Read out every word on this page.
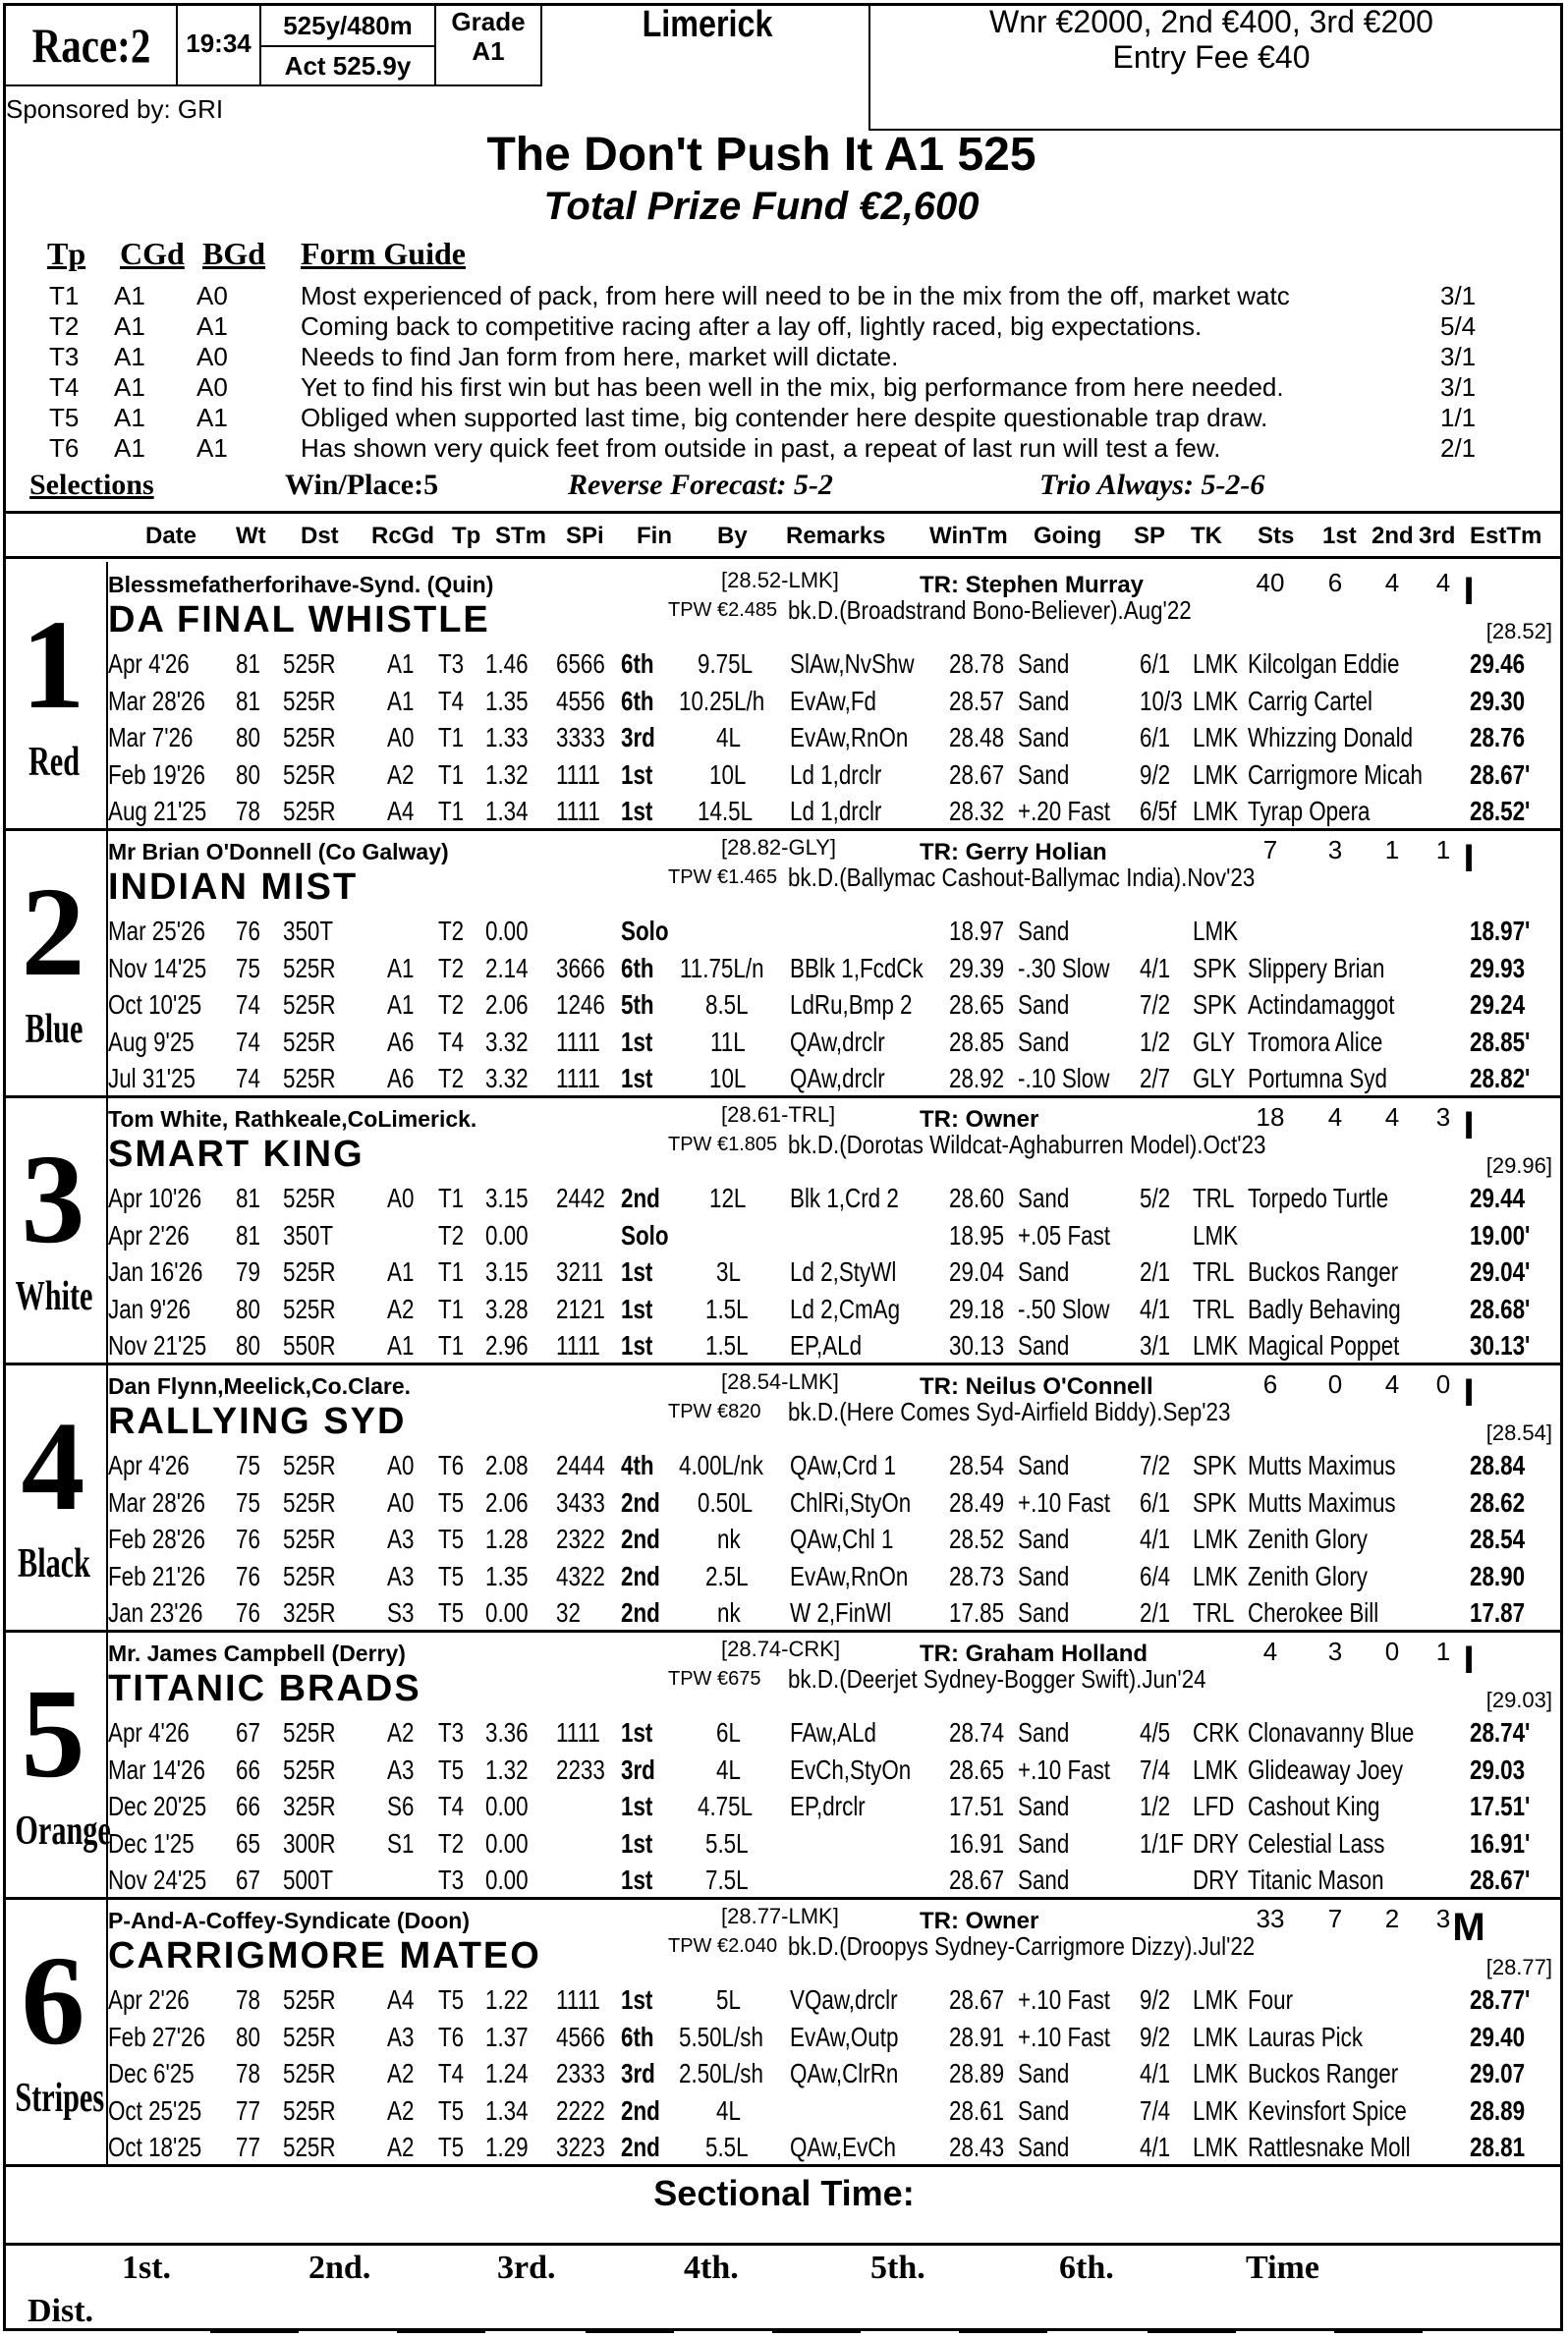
Race:2	19:34
525y/480m
Act 525.9y
Grade
A1
Limerick	Wnr €2000, 2nd €400, 3rd €200
Entry Fee €40
Sponsored by: GRI
The Don't Push It A1 525
Total Prize Fund €2,600
Tp CGd BGd Form Guide
T1 A1 A0	Most experienced of pack, from here will need to be in the mix from the off, market watc	3/1
T2 A1 A1	Coming back to competitive racing after a lay off, lightly raced, big expectations.	5/4
T3 A1 A0	Needs to find Jan form from here, market will dictate.	3/1
T4 A1 A0	Yet to find his first win but has been well in the mix, big performance from here needed.	3/1
T5 A1 A1	Obliged when supported last time, big contender here despite questionable trap draw.	1/1
T6 A1 A1	Has shown very quick feet from outside in past, a repeat of last run will test a few.	2/1
Selections	Win/Place:5	Reverse Forecast: 5-2	Trio Always: 5-2-6
Date Wt Dst RcGd Tp STm SPi Fin By Remarks WinTm Going SP TK Sts 1st 2nd 3rd EstTm
1
Red
Blessmefatherforihave-Synd. (Quin)	[28.52-LMK]	TR: Stephen Murray	40	6	4	4 I
DA FINAL WHISTLE	TPW €2.485 bk.D.(Broadstrand Bono-Believer).Aug'22
[28.52]
Apr 4'26	81 525R	A1 T3 1.46	6566 6th	9.75L	SlAw,NvShw	28.78 Sand	6/1 LMK Kilcolgan Eddie	29.46
Mar 28'26	81 525R	A1 T4 1.35	4556 6th 10.25L/h EvAw,Fd	28.57 Sand	10/3 LMK Carrig Cartel	29.30
Mar 7'26	80 525R	A0 T1 1.33	3333 3rd	4L	EvAw,RnOn	28.48 Sand	6/1 LMK Whizzing Donald	28.76
Feb 19'26	80 525R	A2 T1 1.32	1111 1st	10L	Ld 1,drclr	28.67 Sand	9/2 LMK Carrigmore Micah	28.67'
Aug 21'25	78 525R	A4 T1 1.34	1111 1st	14.5L	Ld 1,drclr	28.32 +.20 Fast	6/5f LMK Tyrap Opera	28.52'
2
Blue
Mr Brian O'Donnell (Co Galway)	[28.82-GLY]	TR: Gerry Holian	7	3	1	1 I
INDIAN MIST	TPW €1.465 bk.D.(Ballymac Cashout-Ballymac India).Nov'23
Mar 25'26	76 350T	T2 0.00	Solo	18.97 Sand	LMK	18.97'
Nov 14'25	75 525R	A1 T2 2.14	3666 6th 11.75L/n BBlk 1,FcdCk 29.39 -.30 Slow	4/1 SPK Slippery Brian	29.93
Oct 10'25	74 525R	A1 T2 2.06	1246 5th	8.5L	LdRu,Bmp 2	28.65 Sand	7/2 SPK Actindamaggot	29.24
Aug 9'25	74 525R	A6 T4 3.32	1111 1st	11L	QAw,drclr	28.85 Sand	1/2 GLY Tromora Alice	28.85'
Jul 31'25	74 525R	A6 T2 3.32	1111 1st	10L	QAw,drclr	28.92 -.10 Slow	2/7 GLY Portumna Syd	28.82'
3
White
Tom White, Rathkeale,CoLimerick.	[28.61-TRL]	TR: Owner	18	4	4	3 I
SMART KING	TPW €1.805 bk.D.(Dorotas Wildcat-Aghaburren Model).Oct'23
[29.96]
Apr 10'26	81 525R	A0 T1 3.15	2442 2nd	12L	Blk 1,Crd 2	28.60 Sand	5/2 TRL Torpedo Turtle	29.44
Apr 2'26	81 350T	T2 0.00	Solo	18.95 +.05 Fast	LMK	19.00'
Jan 16'26	79 525R	A1 T1 3.15	3211 1st	3L	Ld 2,StyWl	29.04 Sand	2/1 TRL Buckos Ranger	29.04'
Jan 9'26	80 525R	A2 T1 3.28	2121 1st	1.5L	Ld 2,CmAg	29.18 -.50 Slow	4/1 TRL Badly Behaving	28.68'
Nov 21'25	80 550R	A1 T1 2.96	1111 1st	1.5L	EP,ALd	30.13 Sand	3/1 LMK Magical Poppet	30.13'
4
Black
Dan Flynn,Meelick,Co.Clare.	[28.54-LMK]	TR: Neilus O'Connell	6	0	4	0 I
RALLYING SYD	TPW €820 bk.D.(Here Comes Syd-Airfield Biddy).Sep'23
[28.54]
Apr 4'26	75 525R	A0 T6 2.08	2444 4th 4.00L/nk QAw,Crd 1	28.54 Sand	7/2 SPK Mutts Maximus	28.84
Mar 28'26	75 525R	A0 T5 2.06	3433 2nd	0.50L	ChlRi,StyOn	28.49 +.10 Fast	6/1 SPK Mutts Maximus	28.62
Feb 28'26	76 525R	A3 T5 1.28	2322 2nd	nk	QAw,Chl 1	28.52 Sand	4/1 LMK Zenith Glory	28.54
Feb 21'26	76 525R	A3 T5 1.35	4322 2nd	2.5L	EvAw,RnOn	28.73 Sand	6/4 LMK Zenith Glory	28.90
Jan 23'26	76 325R	S3 T5 0.00	32 2nd	nk	W 2,FinWl	17.85 Sand	2/1 TRL Cherokee Bill	17.87
5
Orange
Mr. James Campbell (Derry)	[28.74-CRK]	TR: Graham Holland	4	3	0	1 I
TITANIC BRADS	TPW €675 bk.D.(Deerjet Sydney-Bogger Swift).Jun'24
[29.03]
Apr 4'26	67 525R	A2 T3 3.36	1111 1st	6L	FAw,ALd	28.74 Sand	4/5 CRK Clonavanny Blue	28.74'
Mar 14'26	66 525R	A3 T5 1.32	2233 3rd	4L	EvCh,StyOn	28.65 +.10 Fast	7/4 LMK Glideaway Joey	29.03
Dec 20'25	66 325R	S6 T4 0.00	1st	4.75L	EP,drclr	17.51 Sand	1/2 LFD Cashout King	17.51'
Dec 1'25	65 300R	S1 T2 0.00	1st	5.5L	16.91 Sand	1/1F DRY Celestial Lass	16.91'
Nov 24'25	67 500T	T3 0.00	1st	7.5L	28.67 Sand	DRY Titanic Mason	28.67'
6
Stripes
P-And-A-Coffey-Syndicate (Doon)	[28.77-LMK]	TR: Owner	33	7	2	3 M
CARRIGMORE MATEO	TPW €2.040 bk.D.(Droopys Sydney-Carrigmore Dizzy).Jul'22
[28.77]
Apr 2'26	78 525R	A4 T5 1.22	1111 1st	5L	VQaw,drclr	28.67 +.10 Fast	9/2 LMK Four	28.77'
Feb 27'26	80 525R	A3 T6 1.37	4566 6th 5.50L/sh EvAw,Outp	28.91 +.10 Fast	9/2 LMK Lauras Pick	29.40
Dec 6'25	78 525R	A2 T4 1.24	2333 3rd 2.50L/sh QAw,ClrRn	28.89 Sand	4/1 LMK Buckos Ranger	29.07
Oct 25'25	77 525R	A2 T5 1.34	2222 2nd	4L	28.61 Sand	7/4 LMK Kevinsfort Spice	28.89
Oct 18'25	77 525R	A2 T5 1.29	3223 2nd	5.5L	QAw,EvCh	28.43 Sand	4/1 LMK Rattlesnake Moll	28.81
Sectional Time:
1st.	2nd.	3rd.	4th.	5th.	6th.	Time
Dist.
